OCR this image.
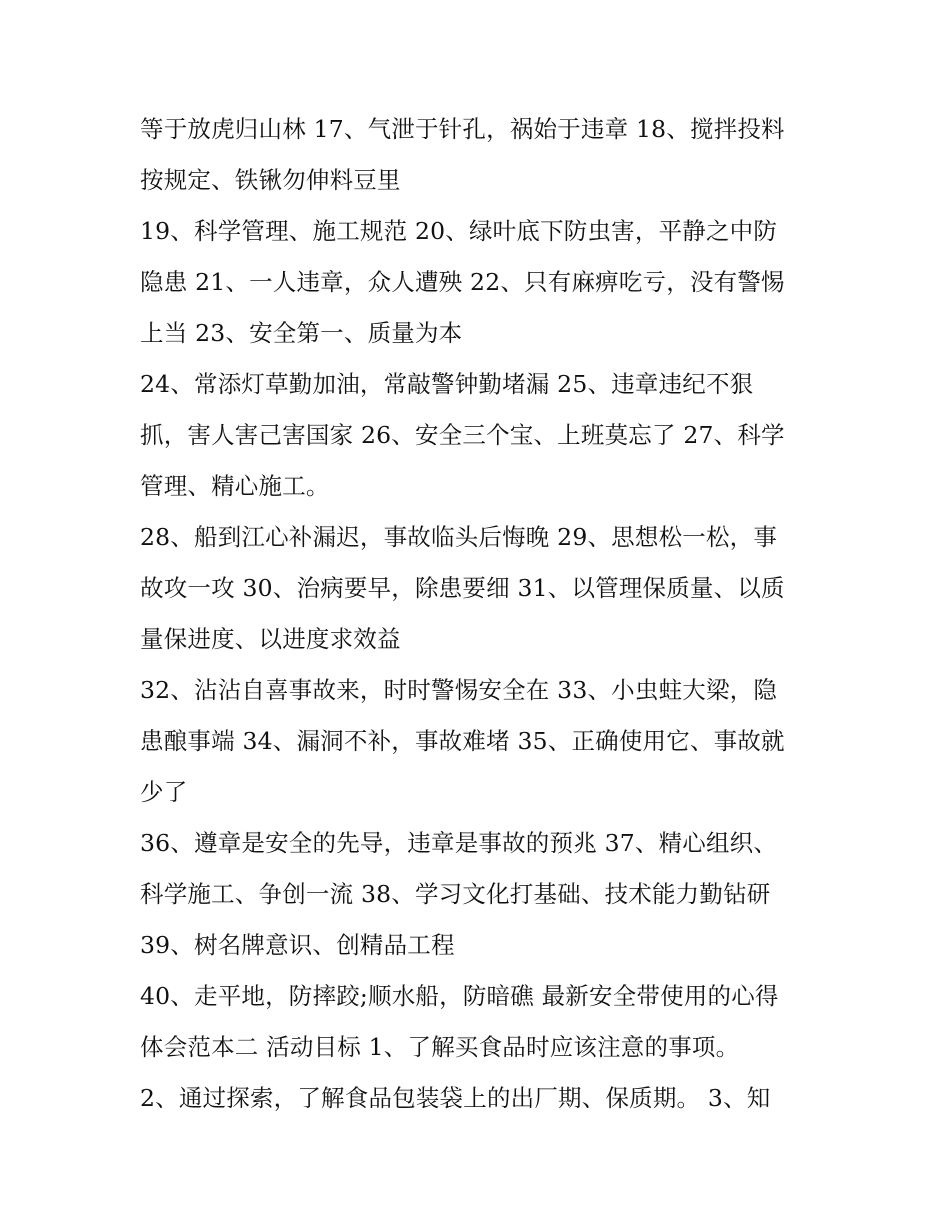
等于放虎归山林 17、气泄于针孔，祸始于违章 18、搅拌投料
按规定、铁锹勿伸料豆里
19、科学管理、施工规范 20、绿叶底下防虫害，平静之中防
隐患 21、一人违章，众人遭殃 22、只有麻痹吃亏，没有警惕
上当 23、安全第一、质量为本
24、常添灯草勤加油，常敲警钟勤堵漏 25、违章违纪不狠
抓，害人害己害国家 26、安全三个宝、上班莫忘了 27、科学
管理、精心施工。
28、船到江心补漏迟，事故临头后悔晚 29、思想松一松，事
故攻一攻 30、治病要早，除患要细 31、以管理保质量、以质
量保进度、以进度求效益
32、沾沾自喜事故来，时时警惕安全在 33、小虫蛀大梁，隐
患酿事端 34、漏洞不补，事故难堵 35、正确使用它、事故就
少了
36、遵章是安全的先导，违章是事故的预兆 37、精心组织、
科学施工、争创一流 38、学习文化打基础、技术能力勤钻研
39、树名牌意识、创精品工程
40、走平地，防摔跤;顺水船，防暗礁 最新安全带使用的心得
体会范本二 活动目标 1、了解买食品时应该注意的事项。
2、通过探索，了解食品包装袋上的出厂期、保质期。 3、知
